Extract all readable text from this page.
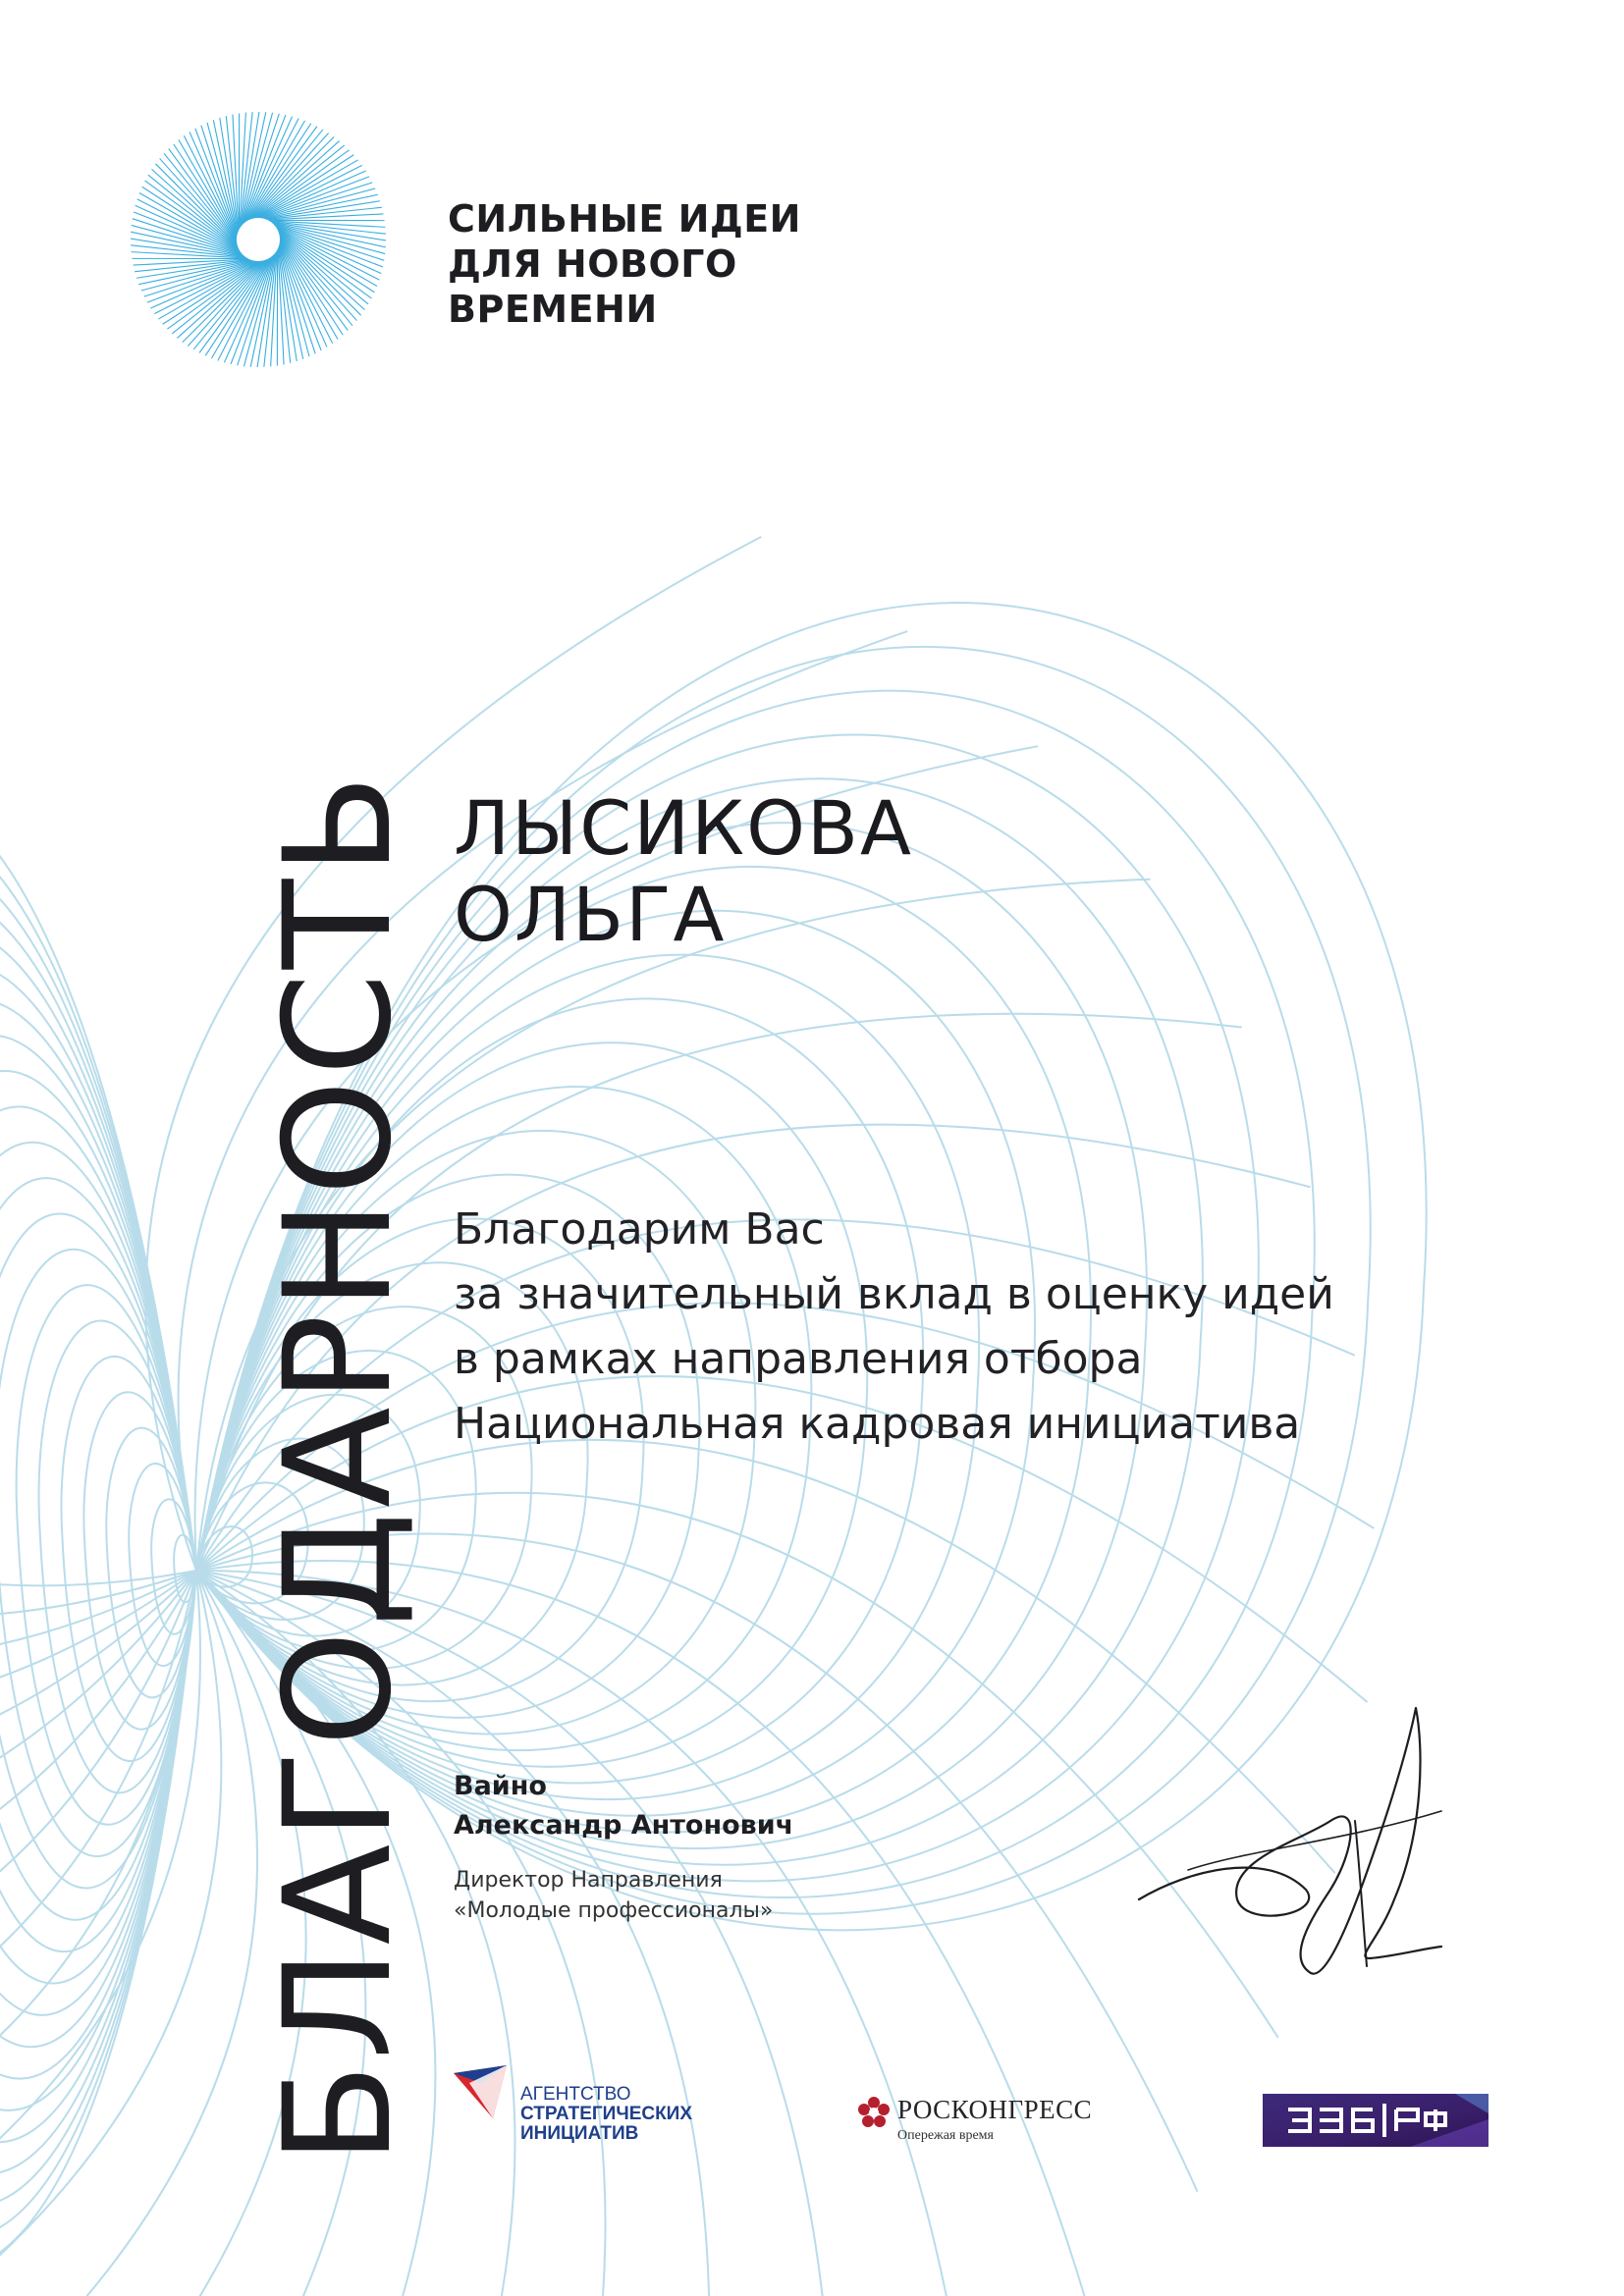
СИЛЬНЫЕ ИДЕИ
ДЛЯ НОВОГО
ВРЕМЕНИ
БЛАГОДАРНОСТЬ ЛЫСИКОВА
ОЛЬГА
Благодарим Вас
за значительный вклад в оценку идей
в рамках направления отбора
Национальная кадровая инициатива
Вайно
Александр Антонович
Директор Направления
«Молодые профессионалы»
АГЕНТСТВО
СТРАТЕГИЧЕСКИХ
ИНИЦИАТИВ
РОСКОНГРЕСС
Опережая время
